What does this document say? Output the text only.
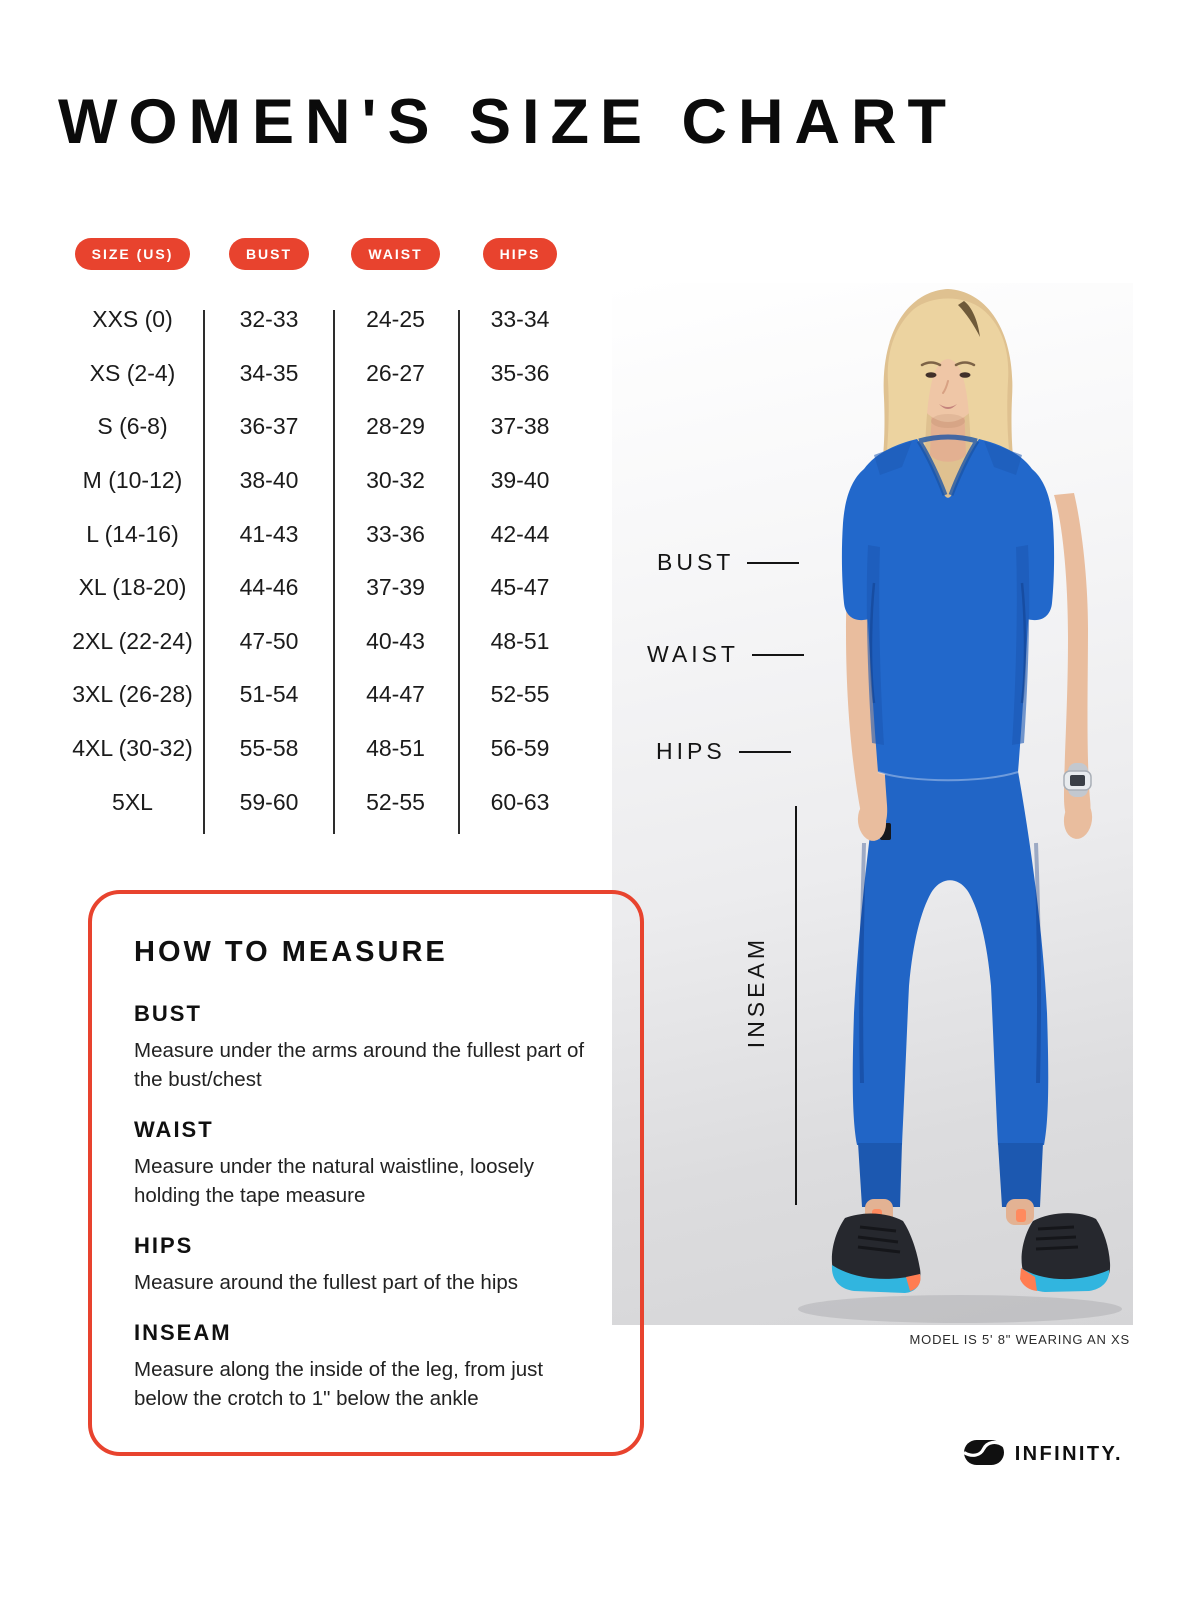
WOMEN'S SIZE CHART
SIZE (US)	BUST	WAIST	HIPS
XXS (0)	32-33	24-25	33-34
XS (2-4)	34-35	26-27	35-36
S (6-8)	36-37	28-29	37-38
M (10-12) 38-40	30-32	39-40
L (14-16)	41-43	33-36	42-44
XL (18-20) 44-46	37-39	45-47
2XL (22-24) 47-50	40-43	48-51
3XL (26-28) 51-54	44-47	52-55
4XL (30-32) 55-58	48-51	56-59
5XL	59-60	52-55	60-63
BUST
WAIST
HIPS
INSEAM
HOW TO MEASURE
BUST

Measure under the arms around the fullest part of the bust/chest

WAIST

Measure under the natural waistline, loosely holding the tape measure

HIPS

Measure around the fullest part of the hips

INSEAM

Measure along the inside of the leg, from just below the crotch to 1" below the ankle

MODEL IS 5' 8" WEARING AN XS
INFINITY.
